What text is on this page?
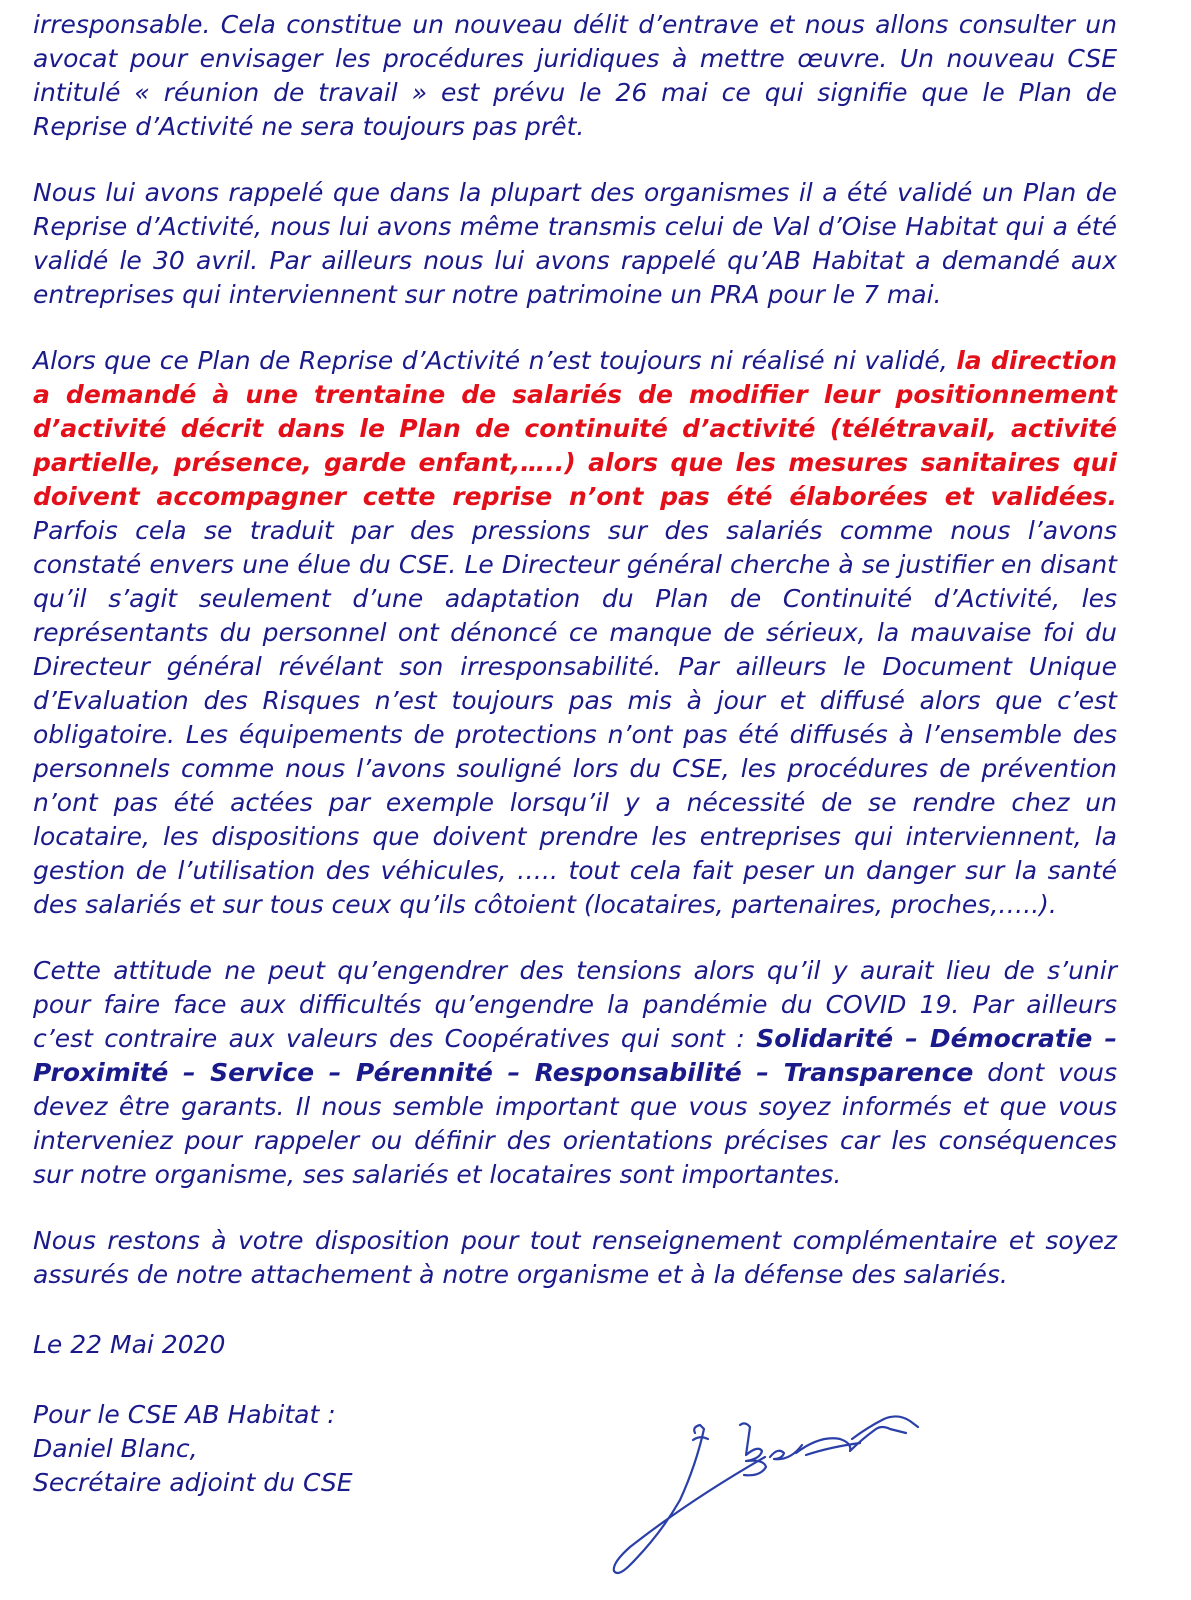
irresponsable. Cela constitue un nouveau délit d’entrave et nous allons consulter un avocat pour envisager les procédures juridiques à mettre œuvre. Un nouveau CSE intitulé « réunion de travail » est prévu le 26 mai ce qui signifie que le Plan de Reprise d’Activité ne sera toujours pas prêt.

Nous lui avons rappelé que dans la plupart des organismes il a été validé un Plan de Reprise d’Activité, nous lui avons même transmis celui de Val d’Oise Habitat qui a été validé le 30 avril. Par ailleurs nous lui avons rappelé qu’AB Habitat a demandé aux entreprises qui interviennent sur notre patrimoine un PRA pour le 7 mai.

Alors que ce Plan de Reprise d’Activité n’est toujours ni réalisé ni validé, la direction a demandé à une trentaine de salariés de modifier leur positionnement d’activité décrit dans le Plan de continuité d’activité (télétravail, activité partielle, présence, garde enfant,…..) alors que les mesures sanitaires qui doivent accompagner cette reprise n’ont pas été élaborées et validées. Parfois cela se traduit par des pressions sur des salariés comme nous l’avons constaté envers une élue du CSE. Le Directeur général cherche à se justifier en disant qu’il s’agit seulement d’une adaptation du Plan de Continuité d’Activité, les représentants du personnel ont dénoncé ce manque de sérieux, la mauvaise foi du Directeur général révélant son irresponsabilité. Par ailleurs le Document Unique d’Evaluation des Risques n’est toujours pas mis à jour et diffusé alors que c’est obligatoire. Les équipements de protections n’ont pas été diffusés à l’ensemble des personnels comme nous l’avons souligné lors du CSE, les procédures de prévention n’ont pas été actées par exemple lorsqu’il y a nécessité de se rendre chez un locataire, les dispositions que doivent prendre les entreprises qui interviennent, la gestion de l’utilisation des véhicules, ….. tout cela fait peser un danger sur la santé des salariés et sur tous ceux qu’ils côtoient (locataires, partenaires, proches,…..).

Cette attitude ne peut qu’engendrer des tensions alors qu’il y aurait lieu de s’unir pour faire face aux difficultés qu’engendre la pandémie du COVID 19. Par ailleurs c’est contraire aux valeurs des Coopératives qui sont : Solidarité – Démocratie – Proximité – Service – Pérennité – Responsabilité – Transparence dont vous devez être garants. Il nous semble important que vous soyez informés et que vous interveniez pour rappeler ou définir des orientations précises car les conséquences sur notre organisme, ses salariés et locataires sont importantes.

Nous restons à votre disposition pour tout renseignement complémentaire et soyez assurés de notre attachement à notre organisme et à la défense des salariés.

Le 22 Mai 2020

Pour le CSE AB Habitat :
Daniel Blanc,
Secrétaire adjoint du CSE
